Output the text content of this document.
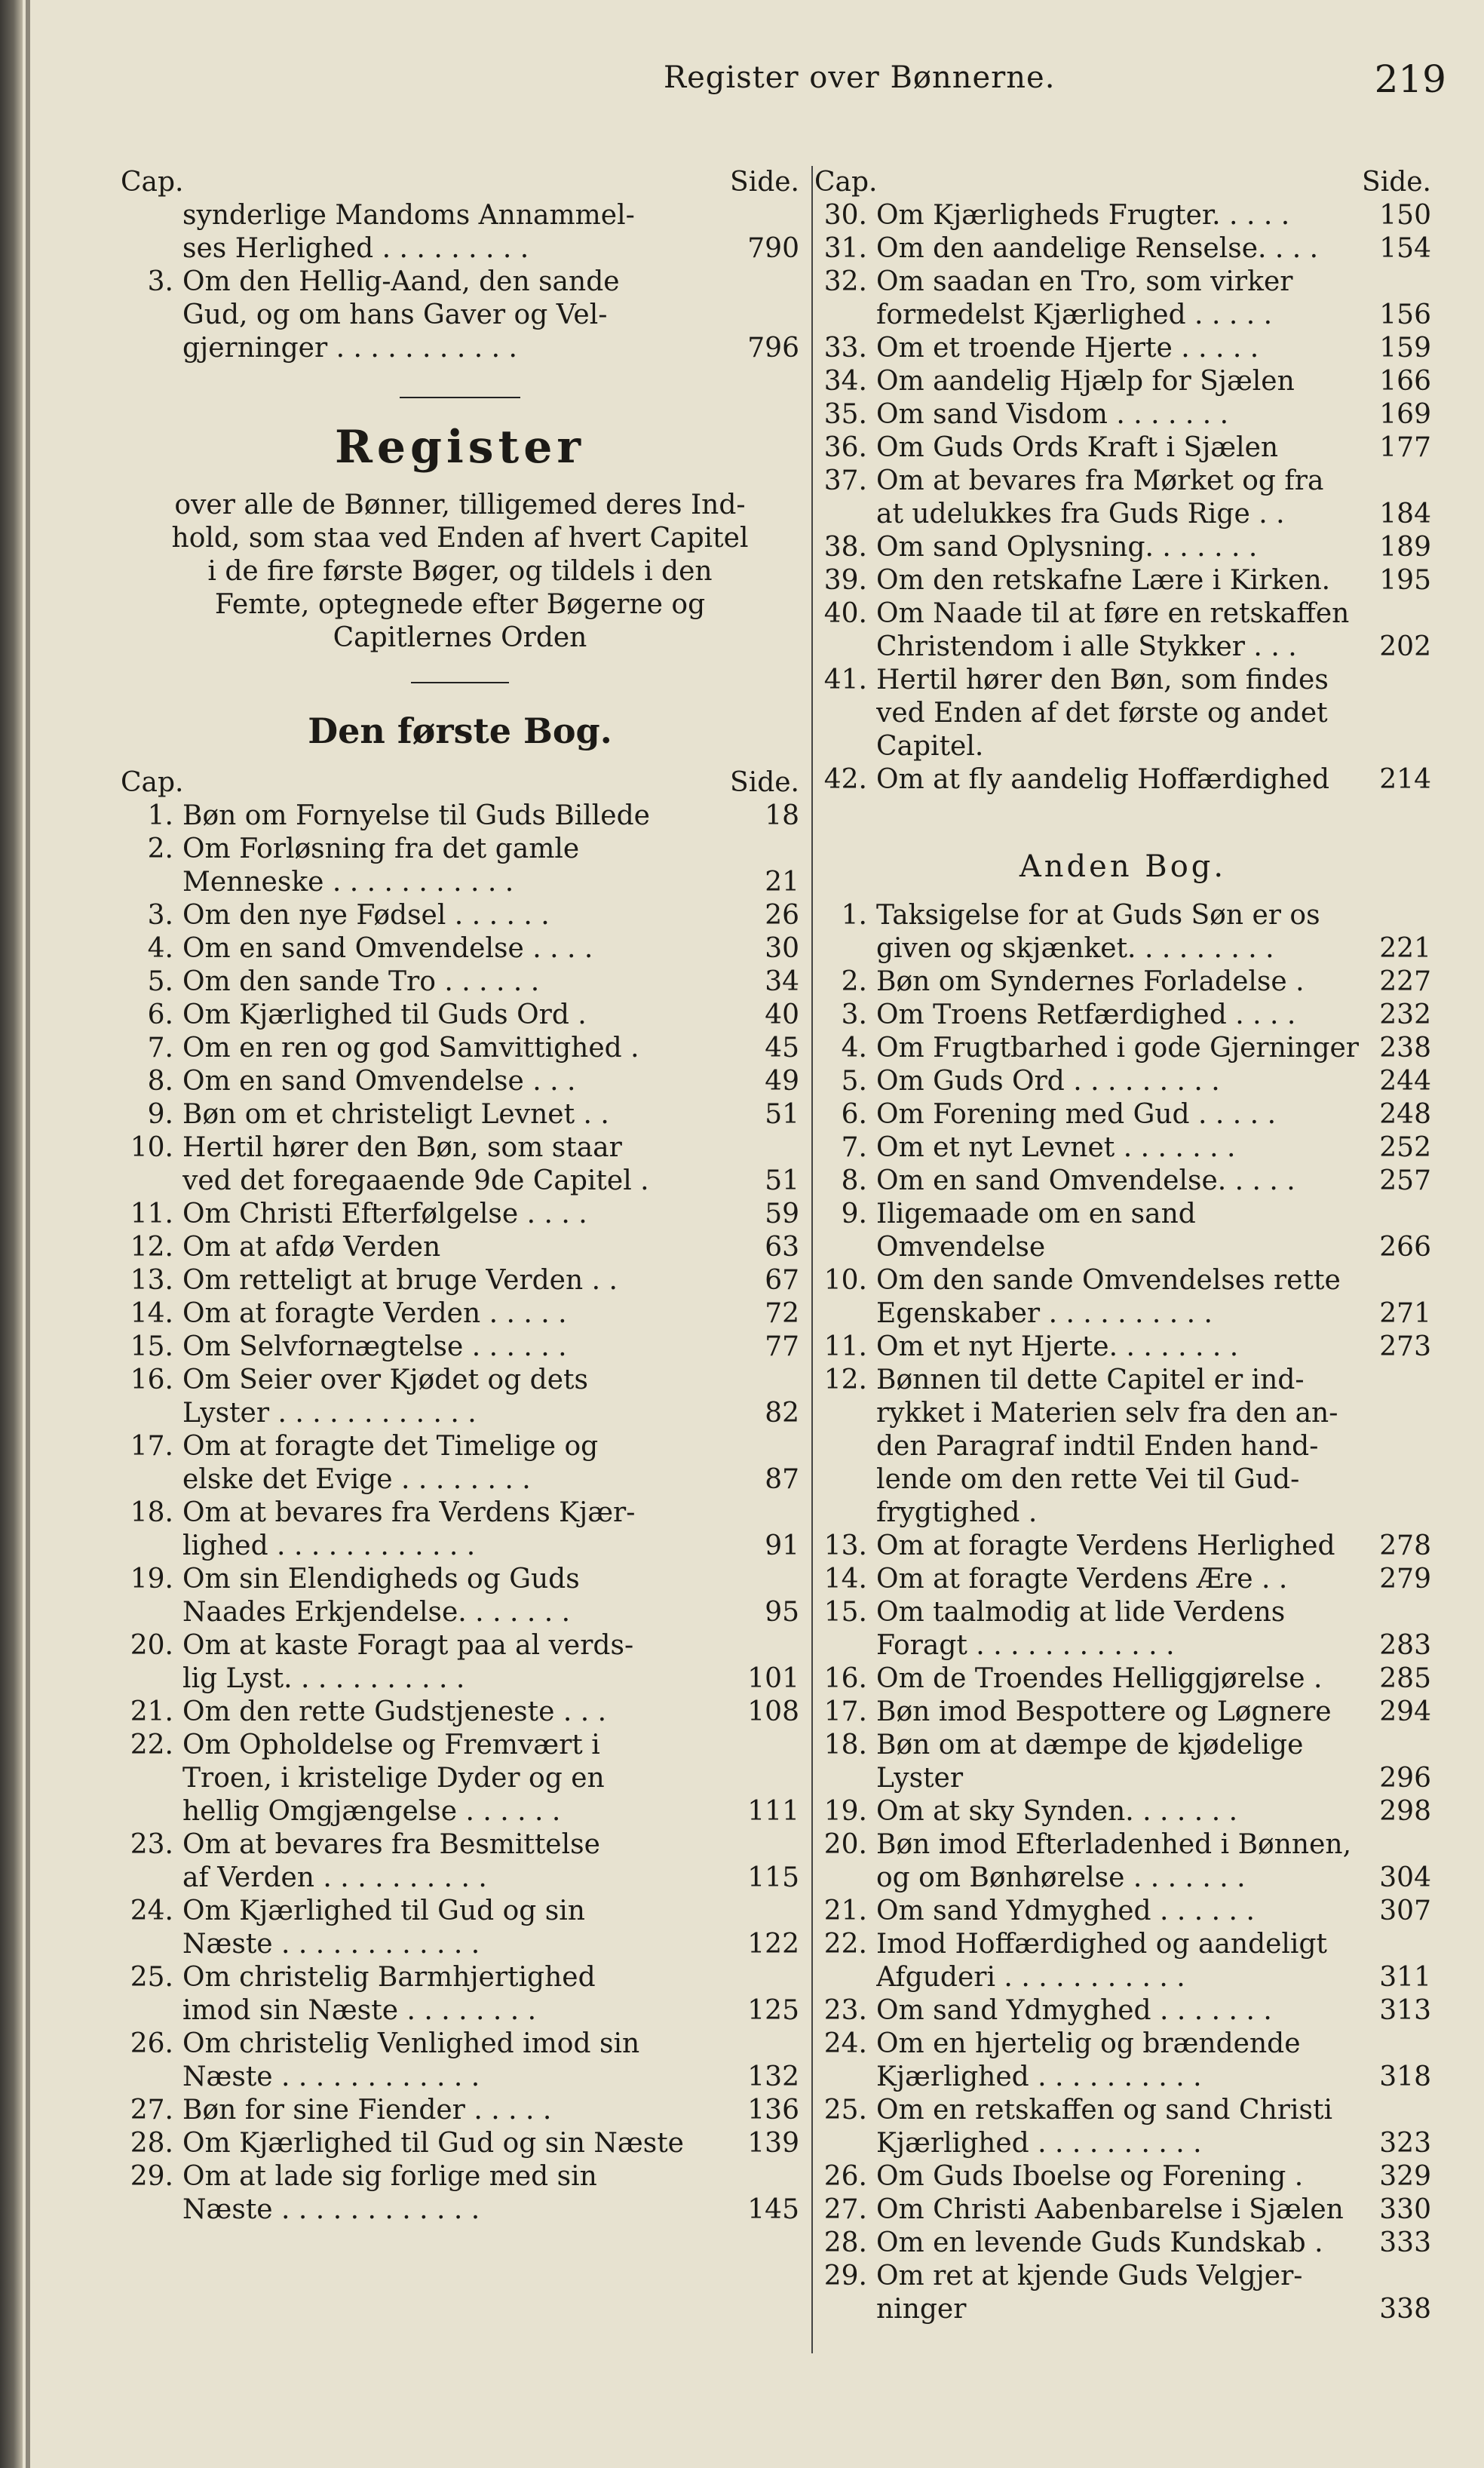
Register over Bønnerne.	219
Cap.	Side.
synderlige Mandoms Annammel-
ses Herlighed . . . . . . . . .	790
3. Om den Hellig-Aand, den sande
Gud, og om hans Gaver og Vel-
gjerninger . . . . . . . . . . .	796
Register
over alle de Bønner, tilligemed deres Ind-
hold, som staa ved Enden af hvert Capitel
i de fire første Bøger, og tildels i den
Femte, optegnede efter Bøgerne og
Capitlernes Orden
Den første Bog.
Cap.	Side.
1. Bøn om Fornyelse til Guds Billede	18
2. Om Forløsning fra det gamle
Menneske . . . . . . . . . . .	21
3. Om den nye Fødsel . . . . . .	26
4. Om en sand Omvendelse . . . .	30
5. Om den sande Tro . . . . . .	34
6. Om Kjærlighed til Guds Ord .	40
7. Om en ren og god Samvittighed .	45
8. Om en sand Omvendelse . . .	49
9. Bøn om et christeligt Levnet . .	51
10. Hertil hører den Bøn, som staar
ved det foregaaende 9de Capitel .	51
11. Om Christi Efterfølgelse . . . .	59
12. Om at afdø Verden	63
13. Om retteligt at bruge Verden . .	67
14. Om at foragte Verden . . . . .	72
15. Om Selvfornægtelse . . . . . .	77
16. Om Seier over Kjødet og dets
Lyster . . . . . . . . . . . .	82
17. Om at foragte det Timelige og
elske det Evige . . . . . . . .	87
18. Om at bevares fra Verdens Kjær-
lighed . . . . . . . . . . . .	91
19. Om sin Elendigheds og Guds
Naades Erkjendelse. . . . . . .	95
20. Om at kaste Foragt paa al verds-
lig Lyst. . . . . . . . . . .	101
21. Om den rette Gudstjeneste . . .	108
22. Om Opholdelse og Fremvært i
Troen, i kristelige Dyder og en
hellig Omgjængelse . . . . . .	111
23. Om at bevares fra Besmittelse
af Verden . . . . . . . . . .	115
24. Om Kjærlighed til Gud og sin
Næste . . . . . . . . . . . .	122
25. Om christelig Barmhjertighed
imod sin Næste . . . . . . . .	125
26. Om christelig Venlighed imod sin
Næste . . . . . . . . . . . .	132
27. Bøn for sine Fiender . . . . .	136
28. Om Kjærlighed til Gud og sin Næste	139
29. Om at lade sig forlige med sin
Næste . . . . . . . . . . . .	145
Cap.	Side.
30. Om Kjærligheds Frugter. . . . .	150
31. Om den aandelige Renselse. . . .	154
32. Om saadan en Tro, som virker
formedelst Kjærlighed . . . . .	156
33. Om et troende Hjerte . . . . .	159
34. Om aandelig Hjælp for Sjælen	166
35. Om sand Visdom . . . . . . .	169
36. Om Guds Ords Kraft i Sjælen	177
37. Om at bevares fra Mørket og fra
at udelukkes fra Guds Rige . .	184
38. Om sand Oplysning. . . . . . .	189
39. Om den retskafne Lære i Kirken.	195
40. Om Naade til at føre en retskaffen
Christendom i alle Stykker . . .	202
41. Hertil hører den Bøn, som findes
ved Enden af det første og andet
Capitel.
42. Om at fly aandelig Hoffærdighed	214
Anden Bog.
1. Taksigelse for at Guds Søn er os
given og skjænket. . . . . . . . .	221
2. Bøn om Syndernes Forladelse .	227
3. Om Troens Retfærdighed . . . .	232
4. Om Frugtbarhed i gode Gjerninger 238
5. Om Guds Ord . . . . . . . . .	244
6. Om Forening med Gud . . . . .	248
7. Om et nyt Levnet . . . . . . .	252
8. Om en sand Omvendelse. . . . .	257
9. Iligemaade om en sand Omvendelse	266
10. Om den sande Omvendelses rette
Egenskaber . . . . . . . . . .	271
11. Om et nyt Hjerte. . . . . . . .	273
12. Bønnen til dette Capitel er ind-
rykket i Materien selv fra den an-
den Paragraf indtil Enden hand-
lende om den rette Vei til Gud-
frygtighed .
13. Om at foragte Verdens Herlighed	278
14. Om at foragte Verdens Ære . .	279
15. Om taalmodig at lide Verdens
Foragt . . . . . . . . . . . .	283
16. Om de Troendes Helliggjørelse .	285
17. Bøn imod Bespottere og Løgnere	294
18. Bøn om at dæmpe de kjødelige Lyster	296
19. Om at sky Synden. . . . . . .	298
20. Bøn imod Efterladenhed i Bønnen,
og om Bønhørelse . . . . . . .	304
21. Om sand Ydmyghed . . . . . .	307
22. Imod Hoffærdighed og aandeligt
Afguderi . . . . . . . . . . .	311
23. Om sand Ydmyghed . . . . . . .	313
24. Om en hjertelig og brændende
Kjærlighed . . . . . . . . . .	318
25. Om en retskaffen og sand Christi
Kjærlighed . . . . . . . . . .	323
26. Om Guds Iboelse og Forening .	329
27. Om Christi Aabenbarelse i Sjælen	330
28. Om en levende Guds Kundskab .	333
29. Om ret at kjende Guds Velgjer-
ninger	338
